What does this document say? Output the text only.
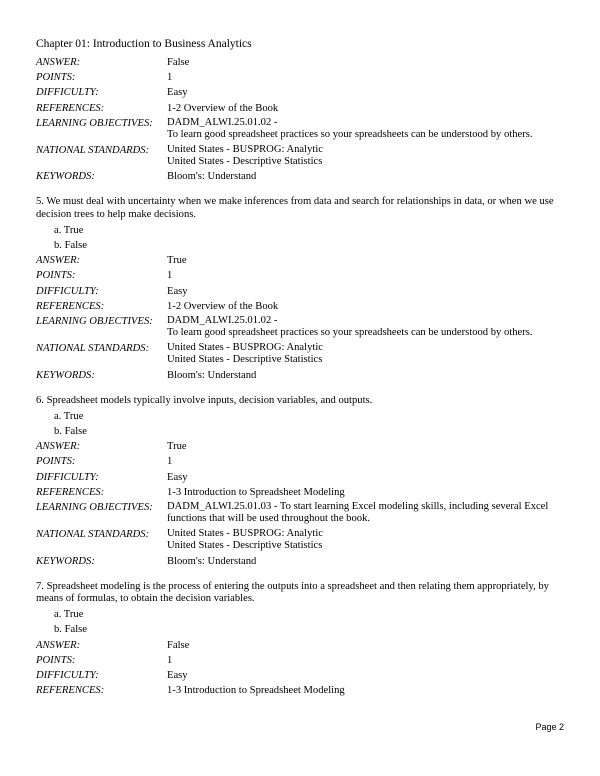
Chapter 01: Introduction to Business Analytics
ANSWER:	False
POINTS:	1
DIFFICULTY:	Easy
REFERENCES:	1-2 Overview of the Book
LEARNING OBJECTIVES:	DADM_ALWI.25.01.02 -
To learn good spreadsheet practices so your spreadsheets can be understood by others.
NATIONAL STANDARDS:	United States - BUSPROG: Analytic
United States - Descriptive Statistics
KEYWORDS:	Bloom's: Understand
5. We must deal with uncertainty when we make inferences from data and search for relationships in data, or when we use decision trees to help make decisions.
a. True
b. False
ANSWER:	True
POINTS:	1
DIFFICULTY:	Easy
REFERENCES:	1-2 Overview of the Book
LEARNING OBJECTIVES:	DADM_ALWI.25.01.02 -
To learn good spreadsheet practices so your spreadsheets can be understood by others.
NATIONAL STANDARDS:	United States - BUSPROG: Analytic
United States - Descriptive Statistics
KEYWORDS:	Bloom's: Understand
6. Spreadsheet models typically involve inputs, decision variables, and outputs.
a. True
b. False
ANSWER:	True
POINTS:	1
DIFFICULTY:	Easy
REFERENCES:	1-3 Introduction to Spreadsheet Modeling
LEARNING OBJECTIVES:	DADM_ALWI.25.01.03 - To start learning Excel modeling skills, including several Excel functions that will be used throughout the book.
NATIONAL STANDARDS:	United States - BUSPROG: Analytic
United States - Descriptive Statistics
KEYWORDS:	Bloom's: Understand
7. Spreadsheet modeling is the process of entering the outputs into a spreadsheet and then relating them appropriately, by means of formulas, to obtain the decision variables.
a. True
b. False
ANSWER:	False
POINTS:	1
DIFFICULTY:	Easy
REFERENCES:	1-3 Introduction to Spreadsheet Modeling
Page 2
